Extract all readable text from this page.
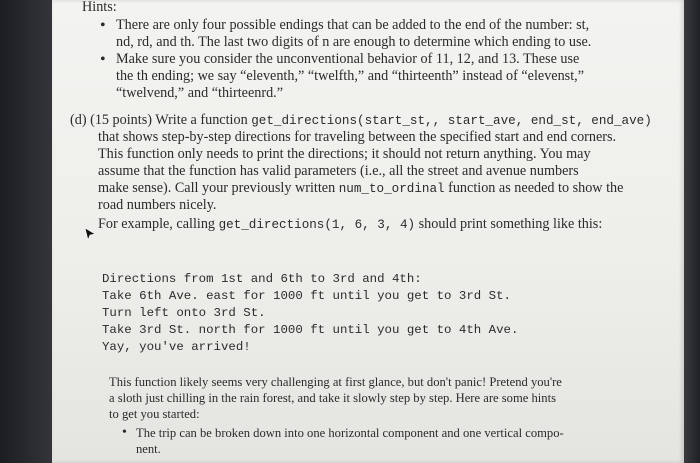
Hints:
• There are only four possible endings that can be added to the end of the number: st,
nd, rd, and th. The last two digits of n are enough to determine which ending to use.
• Make sure you consider the unconventional behavior of 11, 12, and 13. These use
the th ending; we say “eleventh,” “twelfth,” and “thirteenth” instead of “elevenst,”
“twelvend,” and “thirteenrd.”
(d) (15 points) Write a function get_directions(start_st,, start_ave, end_st, end_ave)
that shows step-by-step directions for traveling between the specified start and end corners.
This function only needs to print the directions; it should not return anything. You may
assume that the function has valid parameters (i.e., all the street and avenue numbers
make sense). Call your previously written num_to_ordinal function as needed to show the
road numbers nicely.
For example, calling get_directions(1, 6, 3, 4) should print something like this:
Directions from 1st and 6th to 3rd and 4th:
Take 6th Ave. east for 1000 ft until you get to 3rd St.
Turn left onto 3rd St.
Take 3rd St. north for 1000 ft until you get to 4th Ave.
Yay, you've arrived!
This function likely seems very challenging at first glance, but don't panic! Pretend you're
a sloth just chilling in the rain forest, and take it slowly step by step. Here are some hints
to get you started:
• The trip can be broken down into one horizontal component and one vertical compo-
nent.
